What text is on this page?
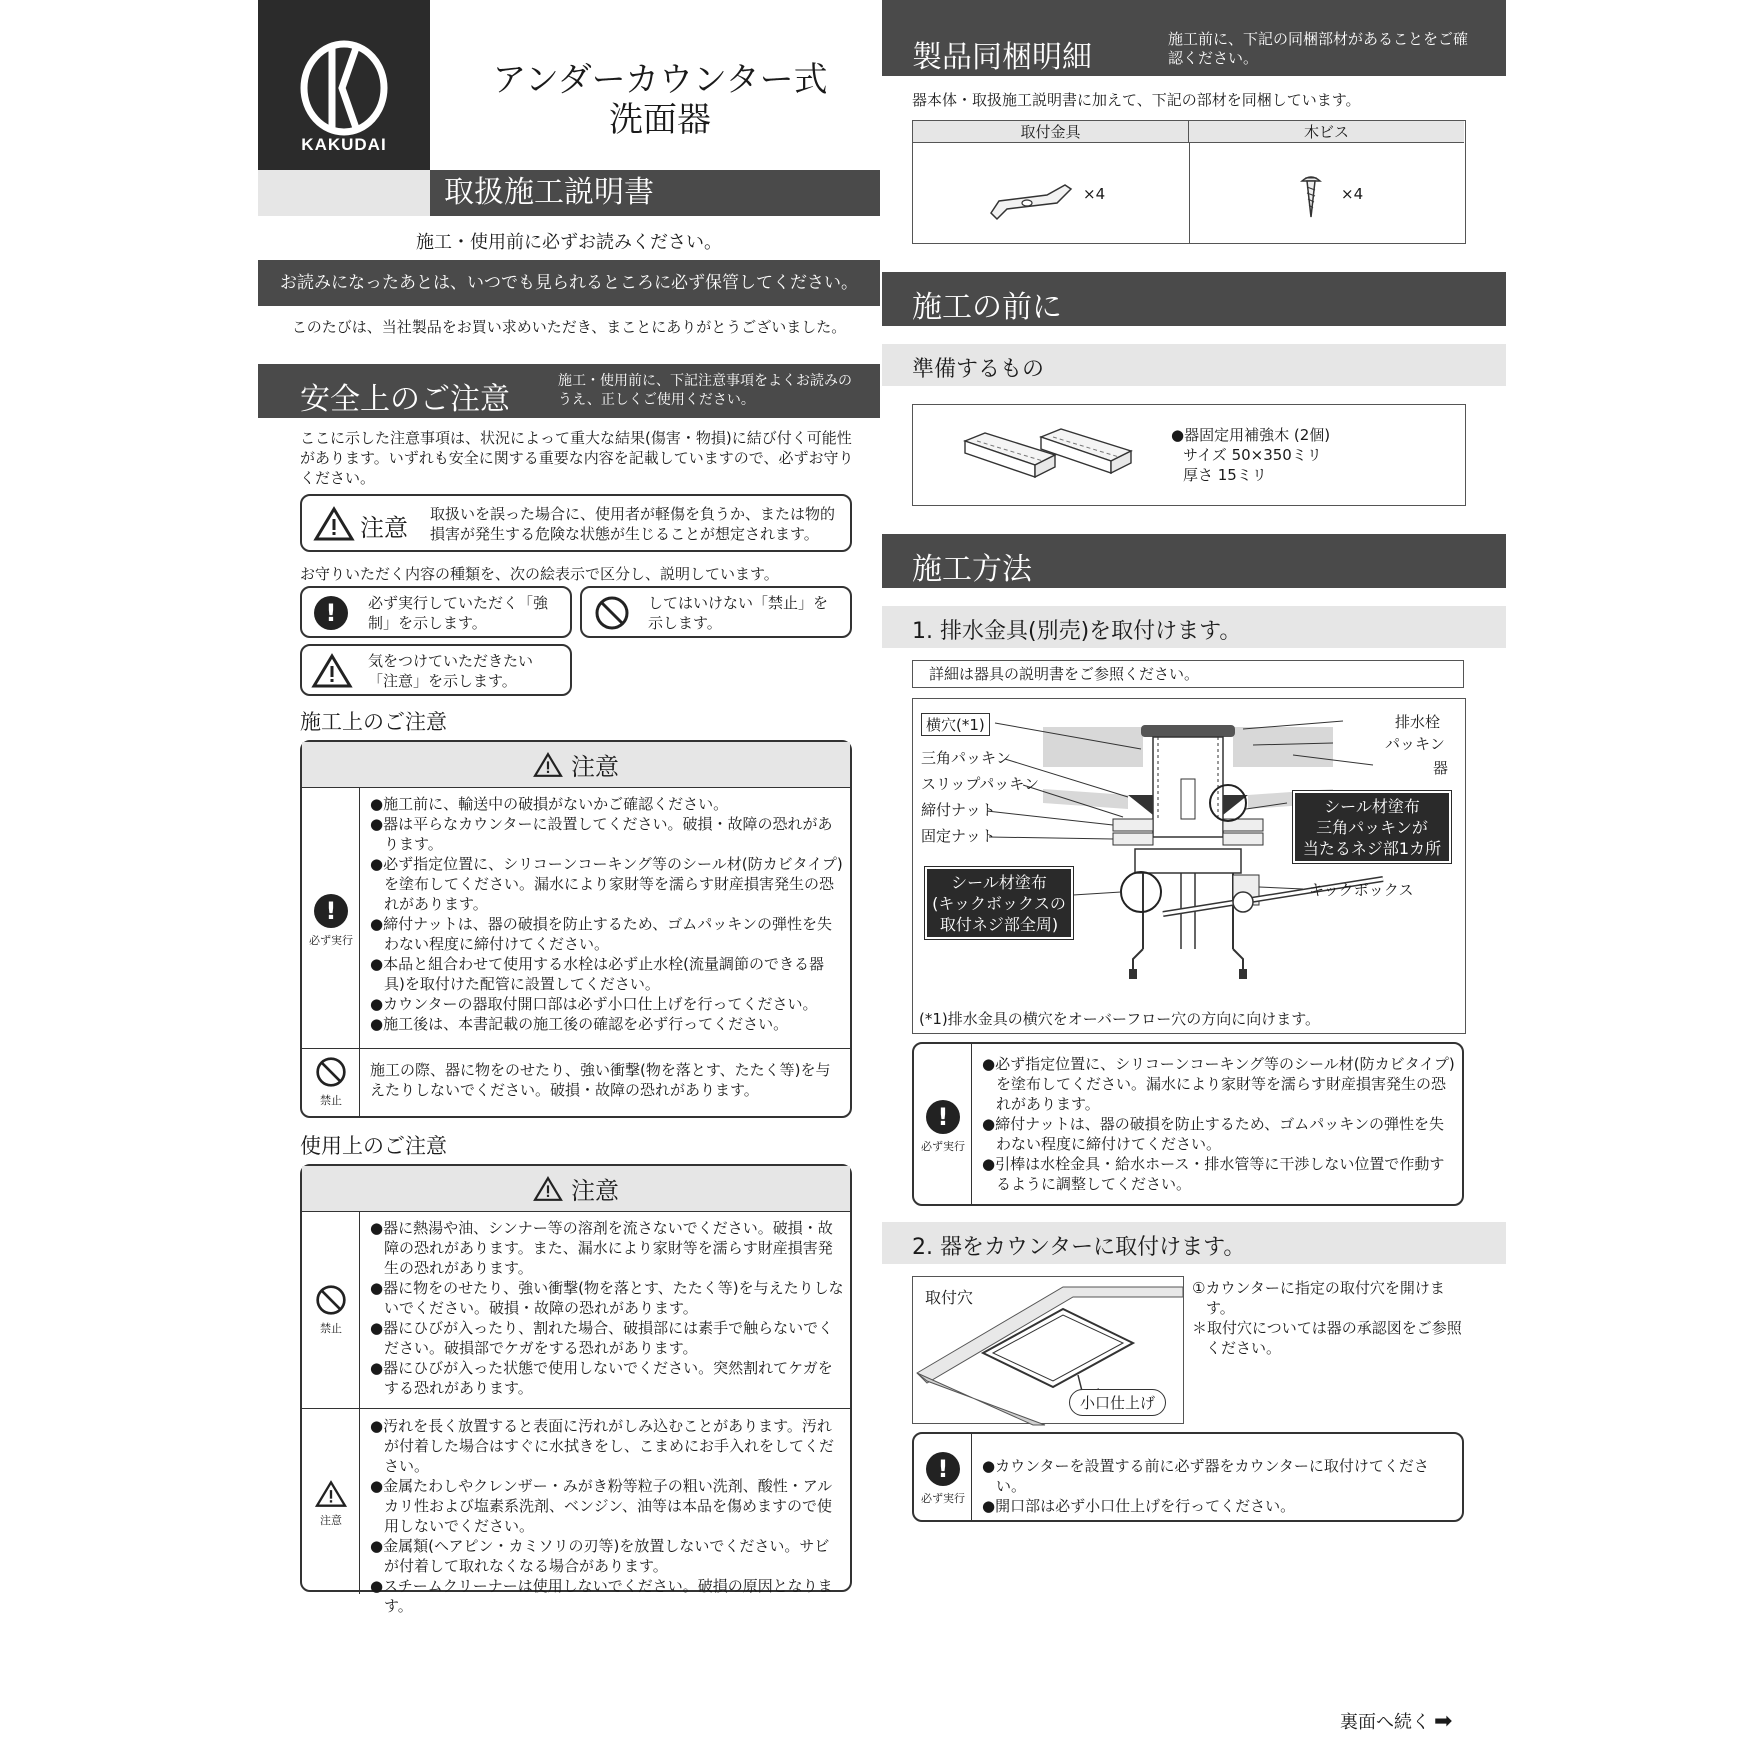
KAKUDAI
アンダーカウンター式
洗面器
取扱施工説明書
施工・使用前に必ずお読みください。
お読みになったあとは、いつでも見られるところに必ず保管してください。
このたびは、当社製品をお買い求めいただき、まことにありがとうございました。
安全上のご注意
施工・使用前に、下記注意事項をよくお読みのうえ、正しくご使用ください。
ここに示した注意事項は、状況によって重大な結果(傷害・物損)に結び付く可能性があります。いずれも安全に関する重要な内容を記載していますので、必ずお守りください。
注意 取扱いを誤った場合に、使用者が軽傷を負うか、または物的損害が発生する危険な状態が生じることが想定されます。
お守りいただく内容の種類を、次の絵表示で区分し、説明しています。
!	必ず実行していただく「強制」を示します。
してはいけない「禁止」を示します。
気をつけていただきたい「注意」を示します。
施工上のご注意
注意
!
必ず実行
●施工前に、輸送中の破損がないかご確認ください。
●器は平らなカウンターに設置してください。破損・故障の恐れがあります。
●必ず指定位置に、シリコーンコーキング等のシール材(防カビタイプ)を塗布してください。漏水により家財等を濡らす財産損害発生の恐れがあります。
●締付ナットは、器の破損を防止するため、ゴムパッキンの弾性を失わない程度に締付けてください。
●本品と組合わせて使用する水栓は必ず止水栓(流量調節のできる器具)を取付けた配管に設置してください。
●カウンターの器取付開口部は必ず小口仕上げを行ってください。
●施工後は、本書記載の施工後の確認を必ず行ってください。
禁止
施工の際、器に物をのせたり、強い衝撃(物を落とす、たたく等)を与えたりしないでください。破損・故障の恐れがあります。
使用上のご注意
注意
禁止
●器に熱湯や油、シンナー等の溶剤を流さないでください。破損・故障の恐れがあります。また、漏水により家財等を濡らす財産損害発生の恐れがあります。
●器に物をのせたり、強い衝撃(物を落とす、たたく等)を与えたりしないでください。破損・故障の恐れがあります。
●器にひびが入ったり、割れた場合、破損部には素手で触らないでください。破損部でケガをする恐れがあります。
●器にひびが入った状態で使用しないでください。突然割れてケガをする恐れがあります。
注意
●汚れを長く放置すると表面に汚れがしみ込むことがあります。汚れが付着した場合はすぐに水拭きをし、こまめにお手入れをしてください。
●金属たわしやクレンザー・みがき粉等粒子の粗い洗剤、酸性・アルカリ性および塩素系洗剤、ベンジン、油等は本品を傷めますので使用しないでください。
●金属類(ヘアピン・カミソリの刃等)を放置しないでください。サビが付着して取れなくなる場合があります。
●スチームクリーナーは使用しないでください。破損の原因となります。
製品同梱明細
施工前に、下記の同梱部材があることをご確認ください。
器本体・取扱施工説明書に加えて、下記の部材を同梱しています。
取付金具	木ビス
×4	×4
施工の前に
準備するもの
●器固定用補強木 (2個)
サイズ 50×350ミリ
厚さ 15ミリ
施工方法
1. 排水金具(別売)を取付けます。
詳細は器具の説明書をご参照ください。
横穴(*1)
三角パッキン
スリップパッキン
締付ナット
固定ナット
排水栓
パッキン
器
キックボックス
シール材塗布
三角パッキンが
当たるネジ部1カ所
シール材塗布
(キックボックスの
取付ネジ部全周)
(*1)排水金具の横穴をオーバーフロー穴の方向に向けます。
!
必ず実行
●必ず指定位置に、シリコーンコーキング等のシール材(防カビタイプ)を塗布してください。漏水により家財等を濡らす財産損害発生の恐れがあります。
●締付ナットは、器の破損を防止するため、ゴムパッキンの弾性を失わない程度に締付けてください。
●引棒は水栓金具・給水ホース・排水管等に干渉しない位置で作動するように調整してください。
2. 器をカウンターに取付けます。
取付穴
小口仕上げ
①カウンターに指定の取付穴を開けます。
＊取付穴については器の承認図をご参照ください。
!
必ず実行
●カウンターを設置する前に必ず器をカウンターに取付けてください。
●開口部は必ず小口仕上げを行ってください。
裏面へ続く ➡
